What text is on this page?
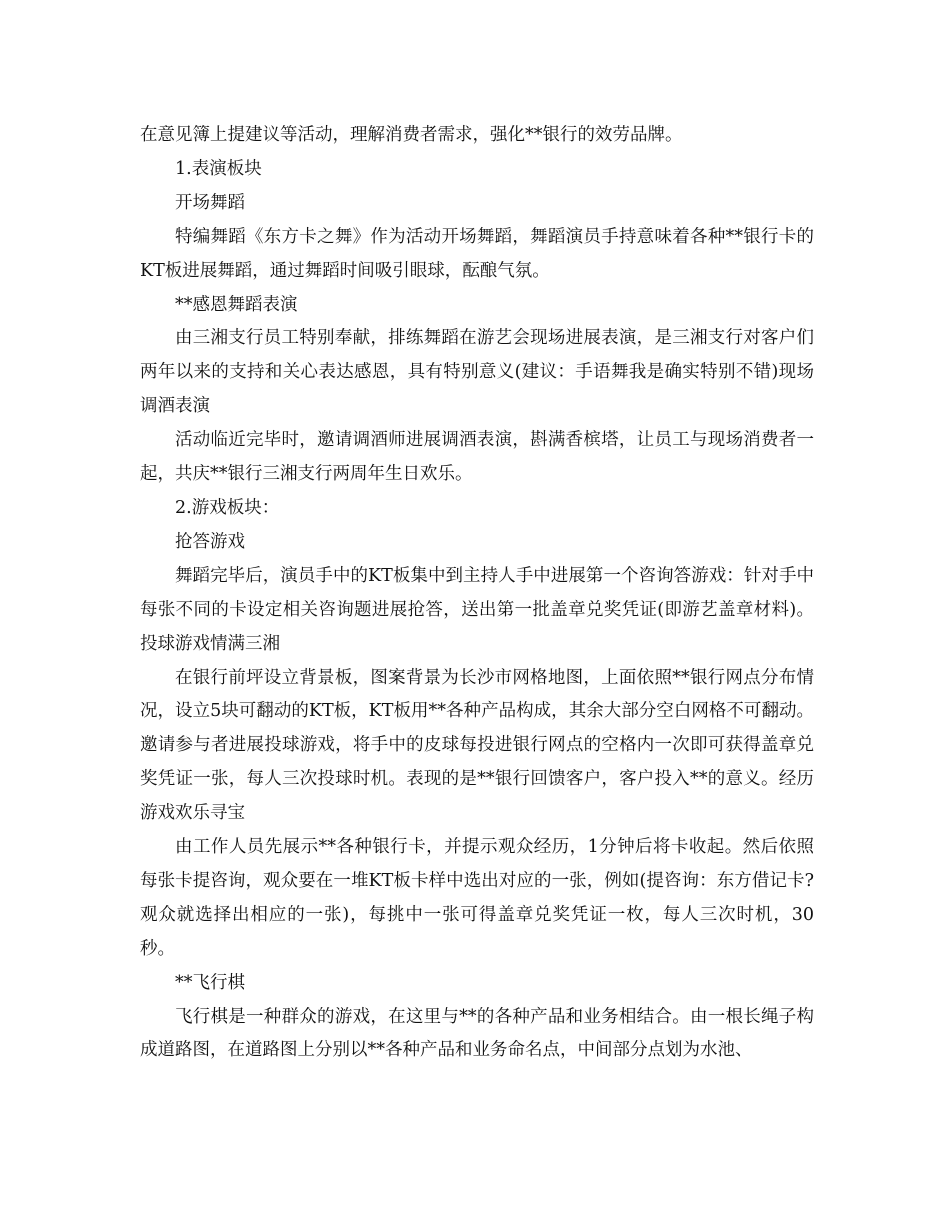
在意见簿上提建议等活动，理解消费者需求，强化**银行的效劳品牌。

1.表演板块

开场舞蹈

特编舞蹈《东方卡之舞》作为活动开场舞蹈，舞蹈演员手持意味着各种**银行卡的KT板进展舞蹈，通过舞蹈时间吸引眼球，酝酿气氛。

**感恩舞蹈表演

由三湘支行员工特别奉献，排练舞蹈在游艺会现场进展表演，是三湘支行对客户们两年以来的支持和关心表达感恩，具有特别意义(建议：手语舞我是确实特别不错)现场调酒表演

活动临近完毕时，邀请调酒师进展调酒表演，斟满香槟塔，让员工与现场消费者一起，共庆**银行三湘支行两周年生日欢乐。

2.游戏板块：

抢答游戏

舞蹈完毕后，演员手中的KT板集中到主持人手中进展第一个咨询答游戏：针对手中每张不同的卡设定相关咨询题进展抢答，送出第一批盖章兑奖凭证(即游艺盖章材料)。投球游戏情满三湘

在银行前坪设立背景板，图案背景为长沙市网格地图，上面依照**银行网点分布情况，设立5块可翻动的KT板，KT板用**各种产品构成，其余大部分空白网格不可翻动。邀请参与者进展投球游戏，将手中的皮球每投进银行网点的空格内一次即可获得盖章兑奖凭证一张，每人三次投球时机。表现的是**银行回馈客户，客户投入**的意义。经历游戏欢乐寻宝

由工作人员先展示**各种银行卡，并提示观众经历，1分钟后将卡收起。然后依照每张卡提咨询，观众要在一堆KT板卡样中选出对应的一张，例如(提咨询：东方借记卡?观众就选择出相应的一张)，每挑中一张可得盖章兑奖凭证一枚，每人三次时机，30秒。

**飞行棋

飞行棋是一种群众的游戏，在这里与**的各种产品和业务相结合。由一根长绳子构成道路图，在道路图上分别以**各种产品和业务命名点，中间部分点划为水池、
